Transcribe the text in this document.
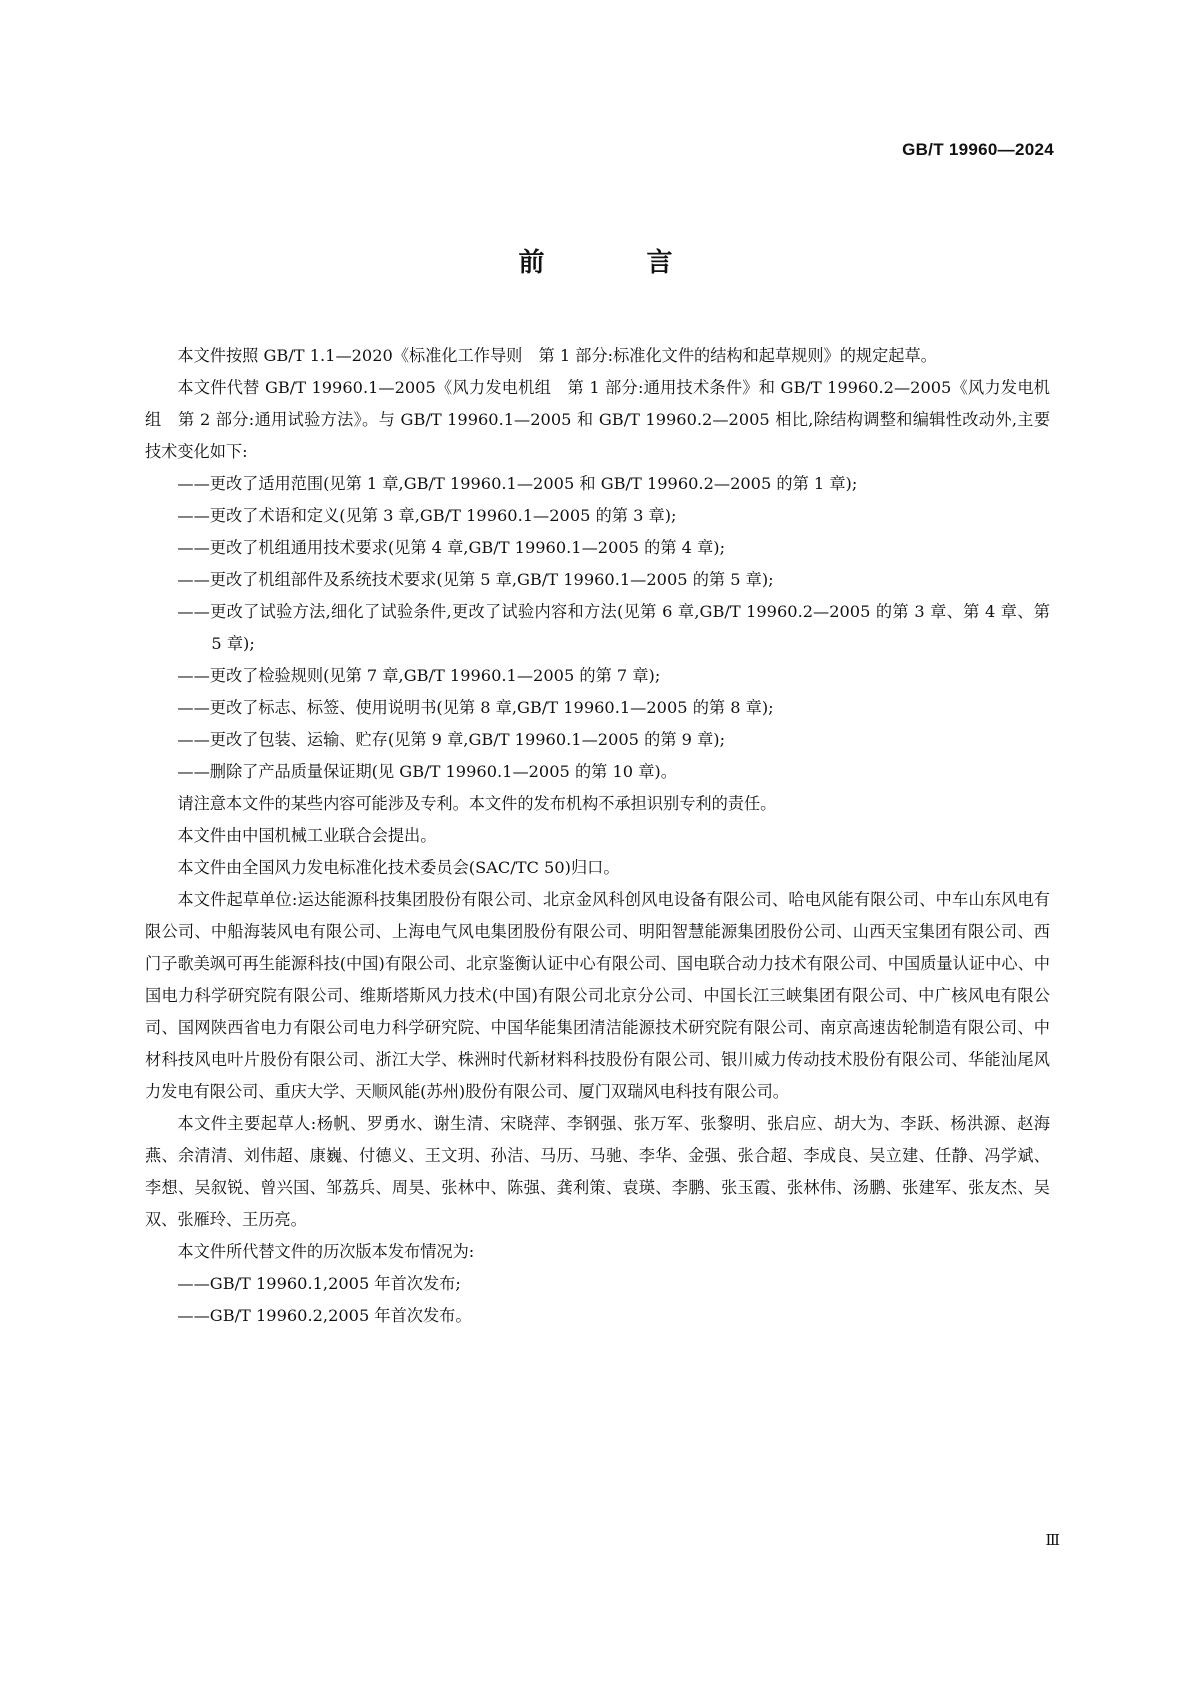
GB/T 19960—2024
前　言

本文件按照 GB/T 1.1—2020《标准化工作导则　第 1 部分:标准化文件的结构和起草规则》的规定起草。

本文件代替 GB/T 19960.1—2005《风力发电机组　第 1 部分:通用技术条件》和 GB/T 19960.2—2005《风力发电机组　第 2 部分:通用试验方法》。与 GB/T 19960.1—2005 和 GB/T 19960.2—2005 相比,除结构调整和编辑性改动外,主要技术变化如下:

——更改了适用范围(见第 1 章,GB/T 19960.1—2005 和 GB/T 19960.2—2005 的第 1 章);

——更改了术语和定义(见第 3 章,GB/T 19960.1—2005 的第 3 章);

——更改了机组通用技术要求(见第 4 章,GB/T 19960.1—2005 的第 4 章);

——更改了机组部件及系统技术要求(见第 5 章,GB/T 19960.1—2005 的第 5 章);

——更改了试验方法,细化了试验条件,更改了试验内容和方法(见第 6 章,GB/T 19960.2—2005 的第 3 章、第 4 章、第 5 章);

——更改了检验规则(见第 7 章,GB/T 19960.1—2005 的第 7 章);

——更改了标志、标签、使用说明书(见第 8 章,GB/T 19960.1—2005 的第 8 章);

——更改了包装、运输、贮存(见第 9 章,GB/T 19960.1—2005 的第 9 章);

——删除了产品质量保证期(见 GB/T 19960.1—2005 的第 10 章)。

请注意本文件的某些内容可能涉及专利。本文件的发布机构不承担识别专利的责任。

本文件由中国机械工业联合会提出。

本文件由全国风力发电标准化技术委员会(SAC/TC 50)归口。

本文件起草单位:运达能源科技集团股份有限公司、北京金风科创风电设备有限公司、哈电风能有限公司、中车山东风电有限公司、中船海装风电有限公司、上海电气风电集团股份有限公司、明阳智慧能源集团股份公司、山西天宝集团有限公司、西门子歌美飒可再生能源科技(中国)有限公司、北京鉴衡认证中心有限公司、国电联合动力技术有限公司、中国质量认证中心、中国电力科学研究院有限公司、维斯塔斯风力技术(中国)有限公司北京分公司、中国长江三峡集团有限公司、中广核风电有限公司、国网陕西省电力有限公司电力科学研究院、中国华能集团清洁能源技术研究院有限公司、南京高速齿轮制造有限公司、中材科技风电叶片股份有限公司、浙江大学、株洲时代新材料科技股份有限公司、银川威力传动技术股份有限公司、华能汕尾风力发电有限公司、重庆大学、天顺风能(苏州)股份有限公司、厦门双瑞风电科技有限公司。

本文件主要起草人:杨帆、罗勇水、谢生清、宋晓萍、李钢强、张万军、张黎明、张启应、胡大为、李跃、杨洪源、赵海燕、余清清、刘伟超、康巍、付德义、王文玥、孙洁、马历、马驰、李华、金强、张合超、李成良、吴立建、任静、冯学斌、李想、吴叙锐、曾兴国、邹荔兵、周昊、张林中、陈强、龚利策、袁瑛、李鹏、张玉霞、张林伟、汤鹏、张建军、张友杰、吴双、张雁玲、王历亮。

本文件所代替文件的历次版本发布情况为:

——GB/T 19960.1,2005 年首次发布;

——GB/T 19960.2,2005 年首次发布。

Ⅲ
